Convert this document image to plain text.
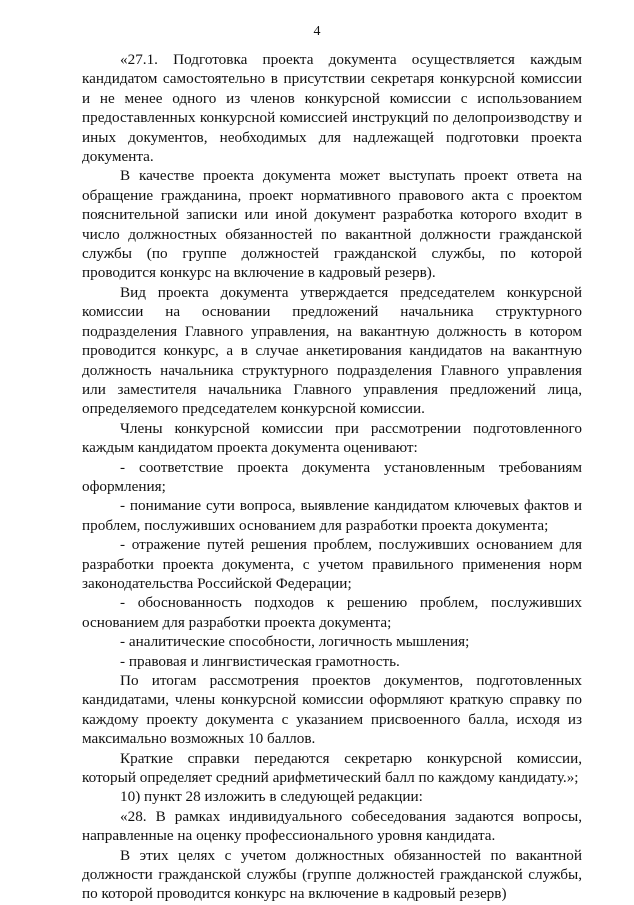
4

«27.1. Подготовка проекта документа осуществляется каждым кандидатом самостоятельно в присутствии секретаря конкурсной комиссии и не менее одного из членов конкурсной комиссии с использованием предоставленных конкурсной комиссией инструкций по делопроизводству и иных документов, необходимых для надлежащей подготовки проекта документа.

В качестве проекта документа может выступать проект ответа на обращение гражданина, проект нормативного правового акта с проектом пояснительной записки или иной документ разработка которого входит в число должностных обязанностей по вакантной должности гражданской службы (по группе должностей гражданской службы, по которой проводится конкурс на включение в кадровый резерв).

Вид проекта документа утверждается председателем конкурсной комиссии на основании предложений начальника структурного подразделения Главного управления, на вакантную должность в котором проводится конкурс, а в случае анкетирования кандидатов на вакантную должность начальника структурного подразделения Главного управления или заместителя начальника Главного управления предложений лица, определяемого председателем конкурсной комиссии.

Члены конкурсной комиссии при рассмотрении подготовленного каждым кандидатом проекта документа оценивают:

- соответствие проекта документа установленным требованиям оформления;

- понимание сути вопроса, выявление кандидатом ключевых фактов и проблем, послуживших основанием для разработки проекта документа;

- отражение путей решения проблем, послуживших основанием для разработки проекта документа, с учетом правильного применения норм законодательства Российской Федерации;

- обоснованность подходов к решению проблем, послуживших основанием для разработки проекта документа;

- аналитические способности, логичность мышления;

- правовая и лингвистическая грамотность.

По итогам рассмотрения проектов документов, подготовленных кандидатами, члены конкурсной комиссии оформляют краткую справку по каждому проекту документа с указанием присвоенного балла, исходя из максимально возможных 10 баллов.

Краткие справки передаются секретарю конкурсной комиссии, который определяет средний арифметический балл по каждому кандидату.»;

10) пункт 28 изложить в следующей редакции:

«28. В рамках индивидуального собеседования задаются вопросы, направленные на оценку профессионального уровня кандидата.

В этих целях с учетом должностных обязанностей по вакантной должности гражданской службы (группе должностей гражданской службы, по которой проводится конкурс на включение в кадровый резерв)
